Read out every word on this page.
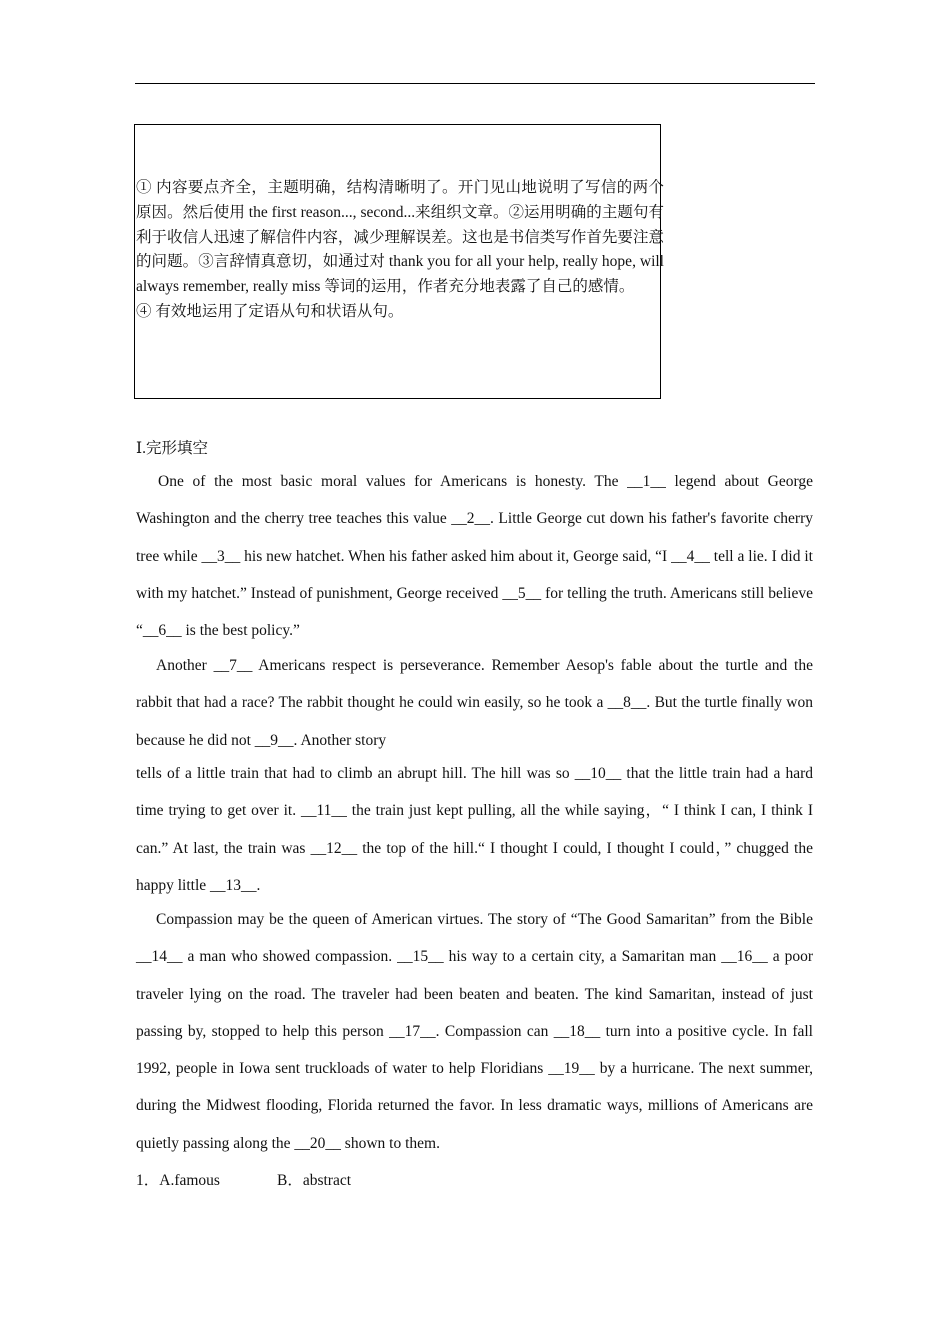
① 内容要点齐全，主题明确，结构清晰明了。开门见山地说明了写信的两个原因。然后使用 the first reason..., second...来组织文章。②运用明确的主题句有利于收信人迅速了解信件内容，减少理解误差。这也是书信类写作首先要注意的问题。③言辞情真意切，如通过对 thank you for all your help, really hope, will always remember, really miss 等词的运用，作者充分地表露了自己的感情。

④ 有效地运用了定语从句和状语从句。

Ⅰ.完形填空
One of the most basic moral values for Americans is honesty. The __1__ legend about George Washington and the cherry tree teaches this value __2__. Little George cut down his father's favorite cherry tree while __3__ his new hatchet. When his father asked him about it, George said, “I __4__ tell a lie. I did it with my hatchet.” Instead of punishment, George received __5__ for telling the truth. Americans still believe “__6__ is the best policy.”
Another __7__ Americans respect is perseverance. Remember Aesop's fable about the turtle and the rabbit that had a race? The rabbit thought he could win easily, so he took a __8__. But the turtle finally won because he did not __9__. Another story
tells of a little train that had to climb an abrupt hill. The hill was so __10__ that the little train had a hard time trying to get over it. __11__ the train just kept pulling, all the while saying，“ I think I can, I think I can.” At last, the train was __12__ the top of the hill.“ I thought I could, I thought I could，” chugged the happy little __13__.
Compassion may be the queen of American virtues. The story of “The Good Samaritan” from the Bible __14__ a man who showed compassion. __15__ his way to a certain city, a Samaritan man __16__ a poor traveler lying on the road. The traveler had been beaten and beaten. The kind Samaritan, instead of just passing by, stopped to help this person __17__. Compassion can __18__ turn into a positive cycle. In fall 1992, people in Iowa sent truckloads of water to help Floridians __19__ by a hurricane. The next summer, during the Midwest flooding, Florida returned the favor. In less dramatic ways, millions of Americans are quietly passing along the __20__ shown to them.
1．A.famous	B．abstract
